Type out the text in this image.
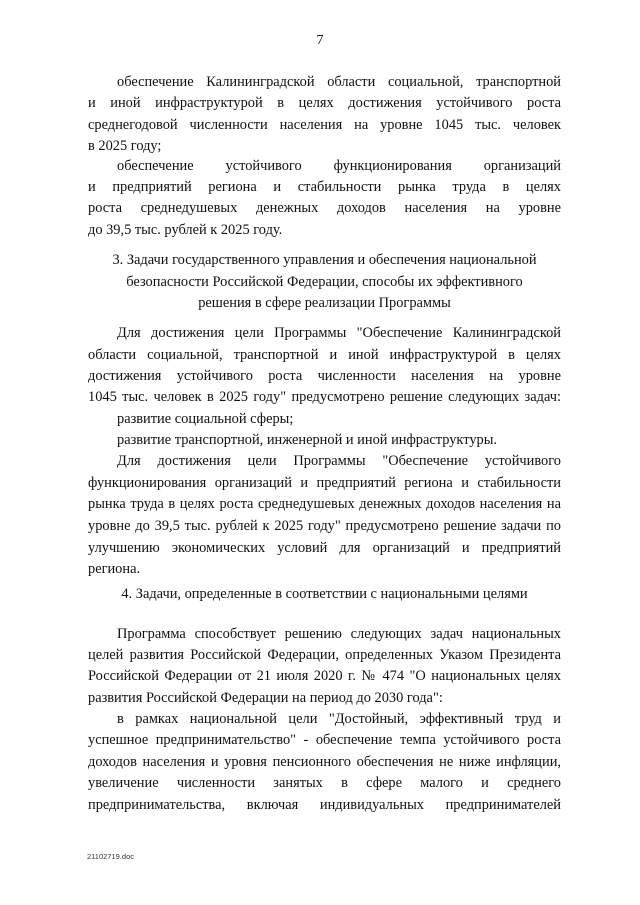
7
обеспечение Калининградской области социальной, транспортной
и иной инфраструктурой в целях достижения устойчивого роста
среднегодовой численности населения на уровне 1045 тыс. человек
в 2025 году;
обеспечение устойчивого функционирования организаций
и предприятий региона и стабильности рынка труда в целях
роста среднедушевых денежных доходов населения на уровне
до 39,5 тыс. рублей к 2025 году.
3. Задачи государственного управления и обеспечения национальной
безопасности Российской Федерации, способы их эффективного
решения в сфере реализации Программы
Для достижения цели Программы "Обеспечение Калининградской
области социальной, транспортной и иной инфраструктурой в целях
достижения устойчивого роста численности населения на уровне
1045 тыс. человек в 2025 году" предусмотрено решение следующих задач:
развитие социальной сферы;
развитие транспортной, инженерной и иной инфраструктуры.
Для достижения цели Программы "Обеспечение устойчивого
функционирования организаций и предприятий региона и стабильности
рынка труда в целях роста среднедушевых денежных доходов населения на
уровне до 39,5 тыс. рублей к 2025 году" предусмотрено решение задачи по
улучшению экономических условий для организаций и предприятий
региона.
4. Задачи, определенные в соответствии с национальными целями
Программа способствует решению следующих задач национальных
целей развития Российской Федерации, определенных Указом Президента
Российской Федерации от 21 июля 2020 г. № 474 "О национальных целях
развития Российской Федерации на период до 2030 года":
в рамках национальной цели "Достойный, эффективный труд и
успешное предпринимательство" - обеспечение темпа устойчивого роста
доходов населения и уровня пенсионного обеспечения не ниже инфляции,
увеличение численности занятых в сфере малого и среднего
предпринимательства, включая индивидуальных предпринимателей
21102719.doc
